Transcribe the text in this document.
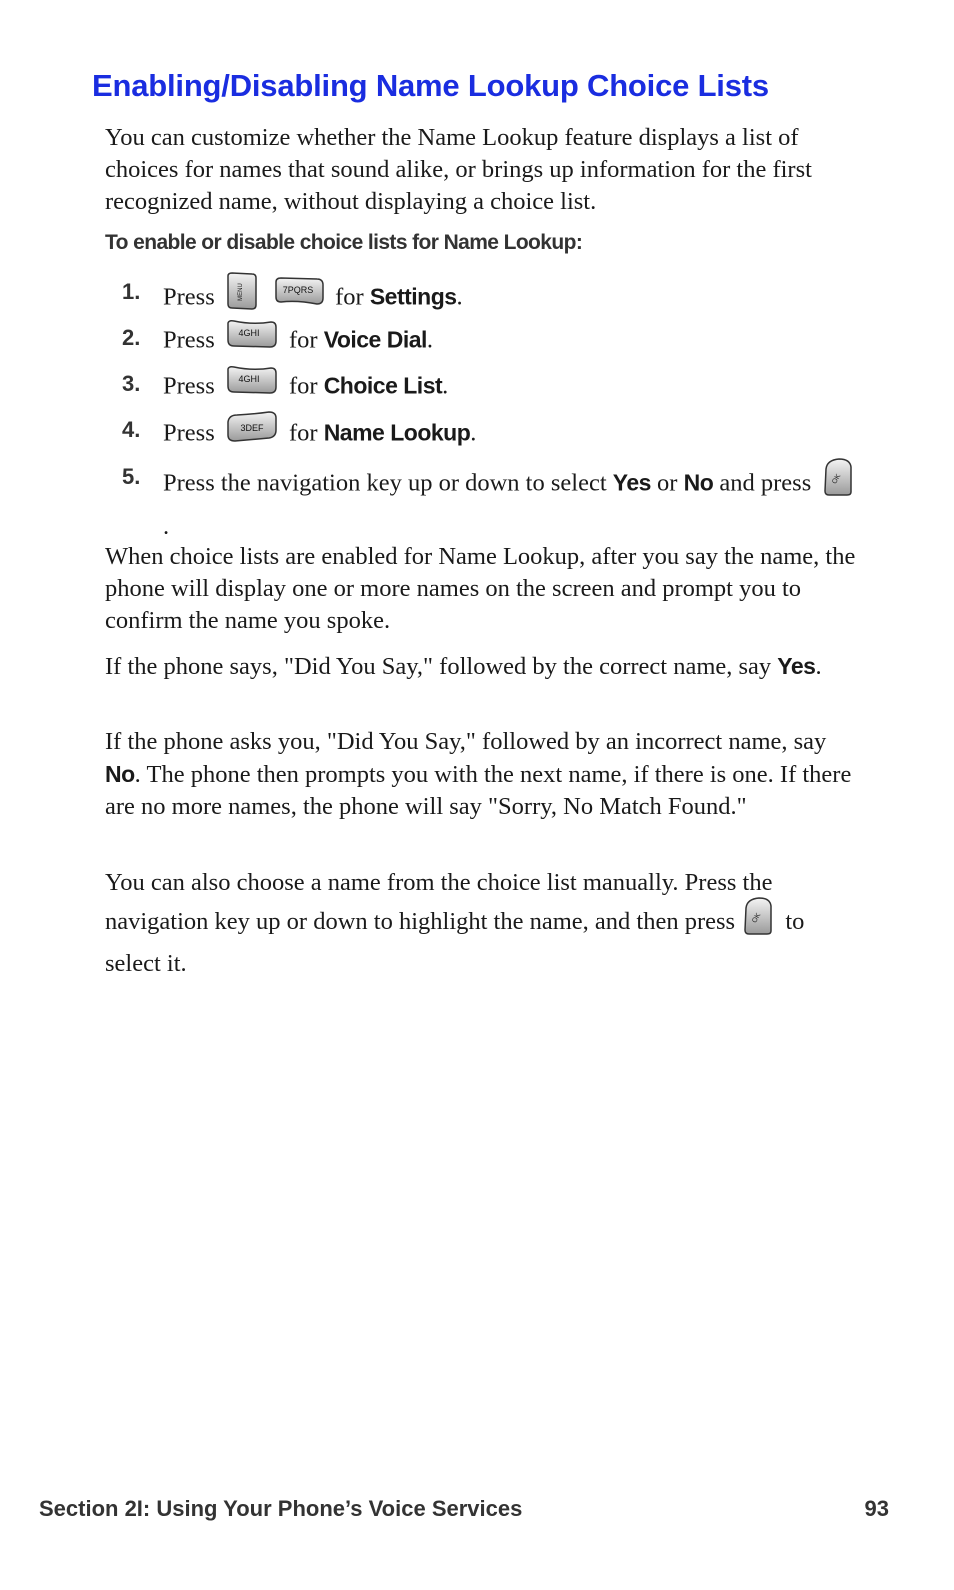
Enabling/Disabling Name Lookup Choice Lists

You can customize whether the Name Lookup feature displays a list of choices for names that sound alike, or brings up information for the first recognized name, without displaying a choice list.

To enable or disable choice lists for Name Lookup:

1. Press	MENU
	7PQRS for Settings.
2. Press	4GHI for Voice Dial.
3. Press	4GHI for Choice List.
4. Press	3DEF for Name Lookup.
5. Press the navigation key up or down to select Yes or No and press	OK
.

When choice lists are enabled for Name Lookup, after you say the name, the phone will display one or more names on the screen and prompt you to confirm the name you spoke.

If the phone says, "Did You Say," followed by the correct name, say Yes.

If the phone asks you, "Did You Say," followed by an incorrect name, say No. The phone then prompts you with the next name, if there is one. If there are no more names, the phone will say "Sorry, No Match Found."

You can also choose a name from the choice list manually. Press the navigation key up or down to highlight the name, and then press OK to select it.

Section 2I: Using Your Phone’s Voice Services	93
